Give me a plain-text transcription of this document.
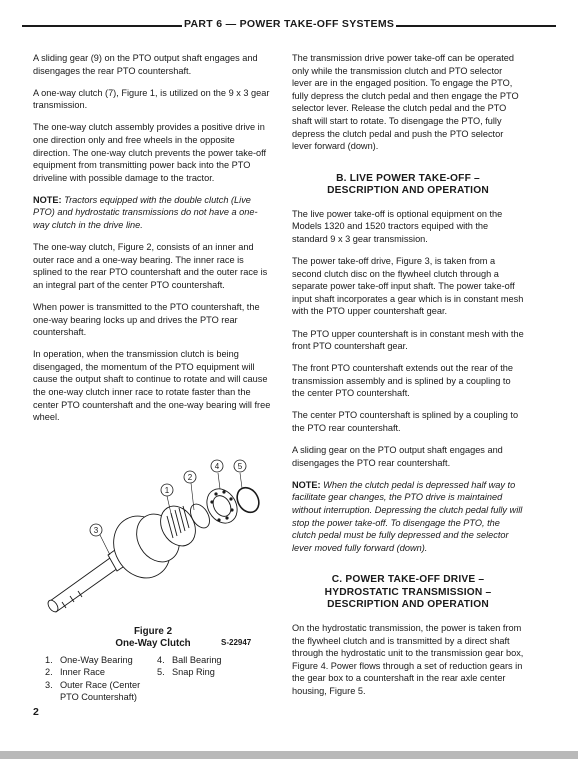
PART 6 — POWER TAKE-OFF SYSTEMS

A sliding gear (9) on the PTO output shaft engages and disengages the rear PTO countershaft.

A one-way clutch (7), Figure 1, is utilized on the 9 x 3 gear transmission.

The one-way clutch assembly provides a positive drive in one direction only and free wheels in the opposite direction. The one-way clutch prevents the power take-off equipment from transmitting power back into the PTO driveline with possible damage to the tractor.

NOTE: Tractors equipped with the double clutch (Live PTO) and hydrostatic transmissions do not have a one-way clutch in the drive line.

The one-way clutch, Figure 2, consists of an inner and outer race and a one-way bearing. The inner race is splined to the rear PTO countershaft and the outer race is an integral part of the center PTO countershaft.

When power is transmitted to the PTO countershaft, the one-way bearing locks up and drives the PTO rear countershaft.

In operation, when the transmission clutch is being disengaged, the momentum of the PTO equipment will cause the output shaft to continue to rotate and will cause the one-way clutch inner race to rotate faster than the center PTO countershaft and the one-way bearing will free wheel.

1
2
3
4 5
S-22947
Figure 2
One-Way Clutch
1. One-Way Bearing
2. Inner Race
3. Outer Race (Center
PTO Countershaft)
4. Ball Bearing
5. Snap Ring
2

The transmission drive power take-off can be operated only while the transmission clutch and PTO selector lever are in the engaged position. To engage the PTO, fully depress the clutch pedal and then engage the PTO selector lever. Release the clutch pedal and the PTO shaft will start to rotate. To disengage the PTO, fully depress the clutch pedal and push the PTO selector lever forward (down).

B. LIVE POWER TAKE-OFF –
DESCRIPTION AND OPERATION

The live power take-off is optional equipment on the Models 1320 and 1520 tractors equiped with the standard 9 x 3 gear transmission.

The power take-off drive, Figure 3, is taken from a second clutch disc on the flywheel clutch through a separate power take-off input shaft. The power take-off input shaft incorporates a gear which is in constant mesh with the PTO upper countershaft gear.

The PTO upper countershaft is in constant mesh with the front PTO countershaft gear.

The front PTO countershaft extends out the rear of the transmission assembly and is splined by a coupling to the center PTO countershaft.

The center PTO countershaft is splined by a coupling to the PTO rear countershaft.

A sliding gear on the PTO output shaft engages and disengages the PTO rear countershaft.

NOTE: When the clutch pedal is depressed half way to facilitate gear changes, the PTO drive is maintained without interruption. Depressing the clutch pedal fully will stop the power take-off. To disengage the PTO, the clutch pedal must be fully depressed and the selector lever moved fully forward (down).

C. POWER TAKE-OFF DRIVE –
HYDROSTATIC TRANSMISSION –
DESCRIPTION AND OPERATION

On the hydrostatic transmission, the power is taken from the flywheel clutch and is transmitted by a direct shaft through the hydrostatic unit to the transmission gear box, Figure 4. Power flows through a set of reduction gears in the gear box to a countershaft in the rear axle center housing, Figure 5.
